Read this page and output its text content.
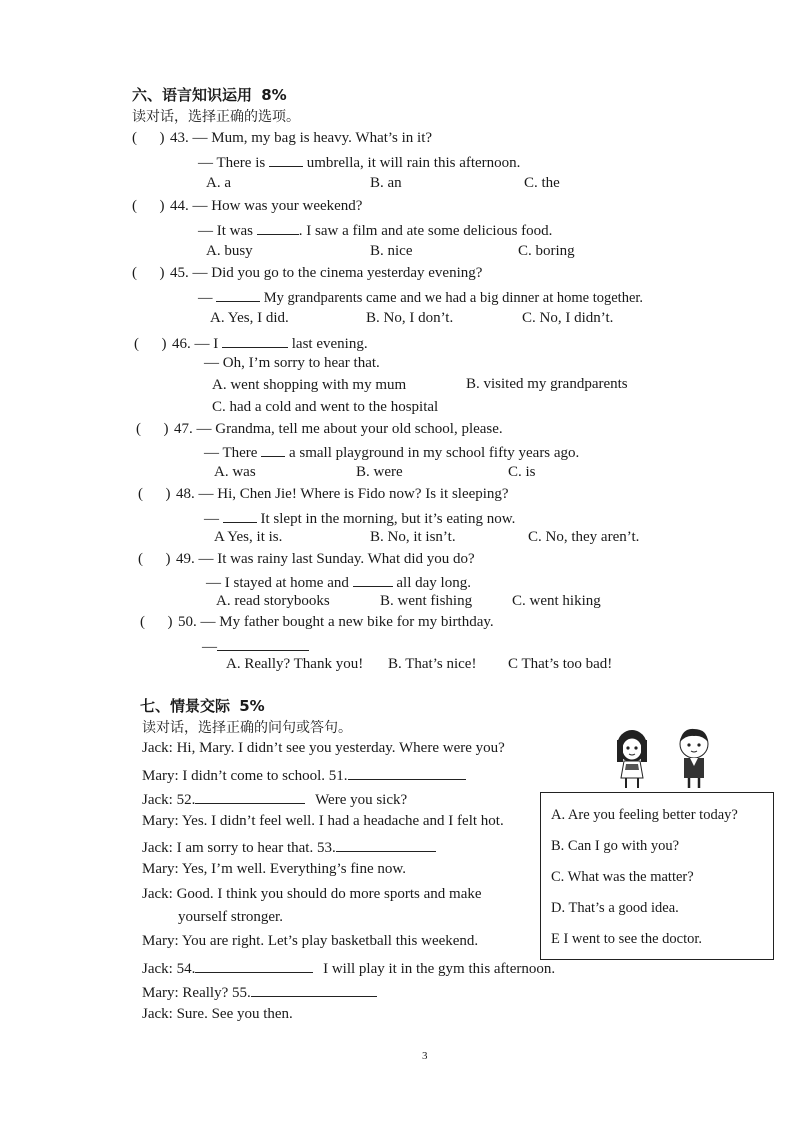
六、语言知识运用 8%
读对话，选择正确的选项。
(      ) 43. — Mum, my bag is heavy. What’s in it?
— There is	umbrella, it will rain this afternoon.
A. a	B. an	C. the
(      ) 44. — How was your weekend?
— It was	. I saw a film and ate some delicious food.
A. busy	B. nice	C. boring
(      ) 45. — Did you go to the cinema yesterday evening?
—	My grandparents came and we had a big dinner at home together.
A. Yes, I did.	B. No, I don’t.	C. No, I didn’t.
(      ) 46. — I	last evening.
— Oh, I’m sorry to hear that.
A. went shopping with my mum	B. visited my grandparents
C. had a cold and went to the hospital
(      ) 47. — Grandma, tell me about your old school, please.
— There a small playground in my school fifty years ago.
A. was	B. were	C. is
(      ) 48. — Hi, Chen Jie! Where is Fido now? Is it sleeping?
—	It slept in the morning, but it’s eating now.
A Yes, it is.	B. No, it isn’t.	C. No, they aren’t.
(      ) 49. — It was rainy last Sunday. What did you do?
— I stayed at home and	all day long.
A. read storybooks	B. went fishing	C. went hiking
(      ) 50. — My father bought a new bike for my birthday.
—
A. Really? Thank you! B. That’s nice! C That’s too bad!
七、情景交际 5%
读对话，选择正确的问句或答句。
Jack: Hi, Mary. I didn’t see you yesterday. Where were you?
Mary: I didn’t come to school. 51.
Jack: 52.	Were you sick?
Mary: Yes. I didn’t feel well. I had a headache and I felt hot.
Jack: I am sorry to hear that. 53.
Mary: Yes, I’m well. Everything’s fine now.
Jack: Good. I think you should do more sports and make
yourself stronger.
Mary: You are right. Let’s play basketball this weekend.
Jack: 54.	I will play it in the gym this afternoon.
Mary: Really? 55.
Jack: Sure. See you then.
A. Are you feeling better today?
B. Can I go with you?
C. What was the matter?
D. That’s a good idea.
E I went to see the doctor.
3
